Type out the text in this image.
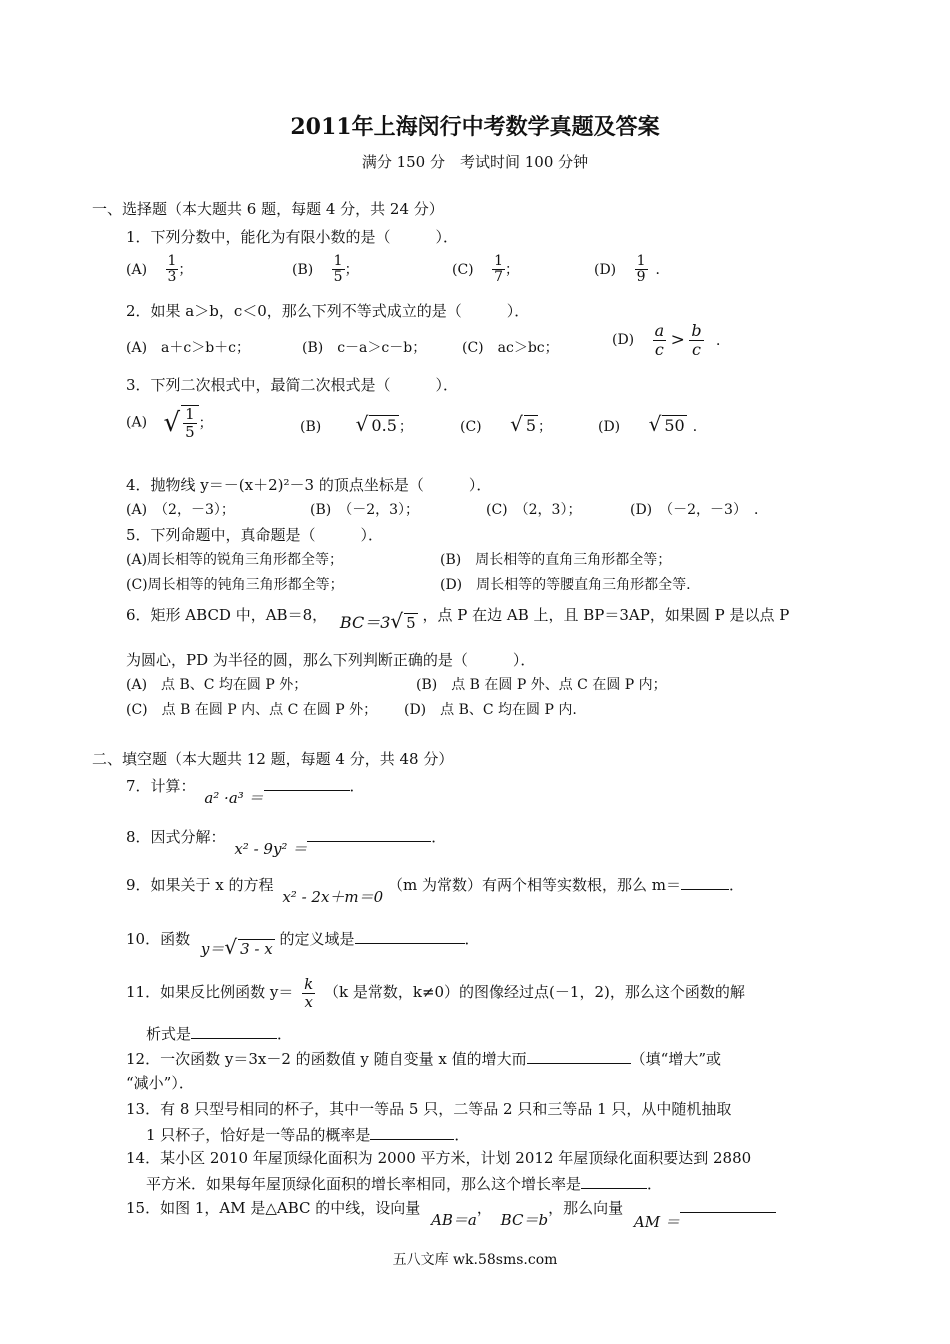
2011年上海闵行中考数学真题及答案
满分 150 分　考试时间 100 分钟
一、选择题（本大题共 6 题，每题 4 分，共 24 分）
1．下列分数中，能化为有限小数的是（　　　）．
$(A) \frac{1}{3}$ ；	$(B) \frac{1}{5}$ ；	$(C) \frac{1}{7}$ ；	$(D) \frac{1}{9}$ ．
2．如果 a＞b，c＜0，那么下列不等式成立的是（　　　）．
(A)　a＋c＞b＋c；	(B)　c－a＞c－b；	(C)　ac＞bc；	$(D) \frac{a}{c} > \frac{b}{c}$ ．
3．下列二次根式中，最简二次根式是（　　　）．
(A) √ $\frac{1}{5}$ ；	(B) √ 0.5 ；	(C) √ 5 ；	(D) √ 50 ．
4．抛物线 y＝－(x＋2)²－3 的顶点坐标是（　　　）．
(A)　（2，－3）；	(B)　（－2，3）；	(C)　（2，3）；	(D)　（－2，－3）　．
5．下列命题中，真命题是（　　　）．
(A)周长相等的锐角三角形都全等；	(B)　周长相等的直角三角形都全等；
(C)周长相等的钝角三角形都全等；	(D)　周长相等的等腰直角三角形都全等.
6．矩形 ABCD 中，AB＝8， BC＝3√ 5 ，点 P 在边 AB 上，且 BP＝3AP，如果圆 P 是以点 P
为圆心，PD 为半径的圆，那么下列判断正确的是（　　　）．
(A)　点 B、C 均在圆 P 外；	(B)　点 B 在圆 P 外、点 C 在圆 P 内；
(C)　点 B 在圆 P 内、点 C 在圆 P 外； (D)　点 B、C 均在圆 P 内.
二、填空题（本大题共 12 题，每题 4 分，共 48 分）
7．计算： a² ·a³ ＝．
8．因式分解： x² - 9y² ＝．
9．如果关于 x 的方程 x² - 2x＋m＝0 （m 为常数）有两个相等实数根，那么 m＝	．
10．函数 y＝√ 3 - x 的定义域是	．
11．如果反比例函数 $y= \frac{k}{x} (k$ 是常数，k≠0）的图像经过点(－1，2)，那么这个函数的解
析式是	．
12．一次函数 y＝3x－2 的函数值 y 随自变量 x 值的增大而	（填“增大”或
“减小”）．
13．有 8 只型号相同的杯子，其中一等品 5 只，二等品 2 只和三等品 1 只，从中随机抽取
1 只杯子，恰好是一等品的概率是	．
14．某小区 2010 年屋顶绿化面积为 2000 平方米，计划 2012 年屋顶绿化面积要达到 2880
平方米．如果每年屋顶绿化面积的增长率相同，那么这个增长率是	．
15．如图 1，AM 是△ABC 的中线，设向量 AB＝a， BC＝b，那么向量 AM ＝
五八文库 wk.58sms.com
